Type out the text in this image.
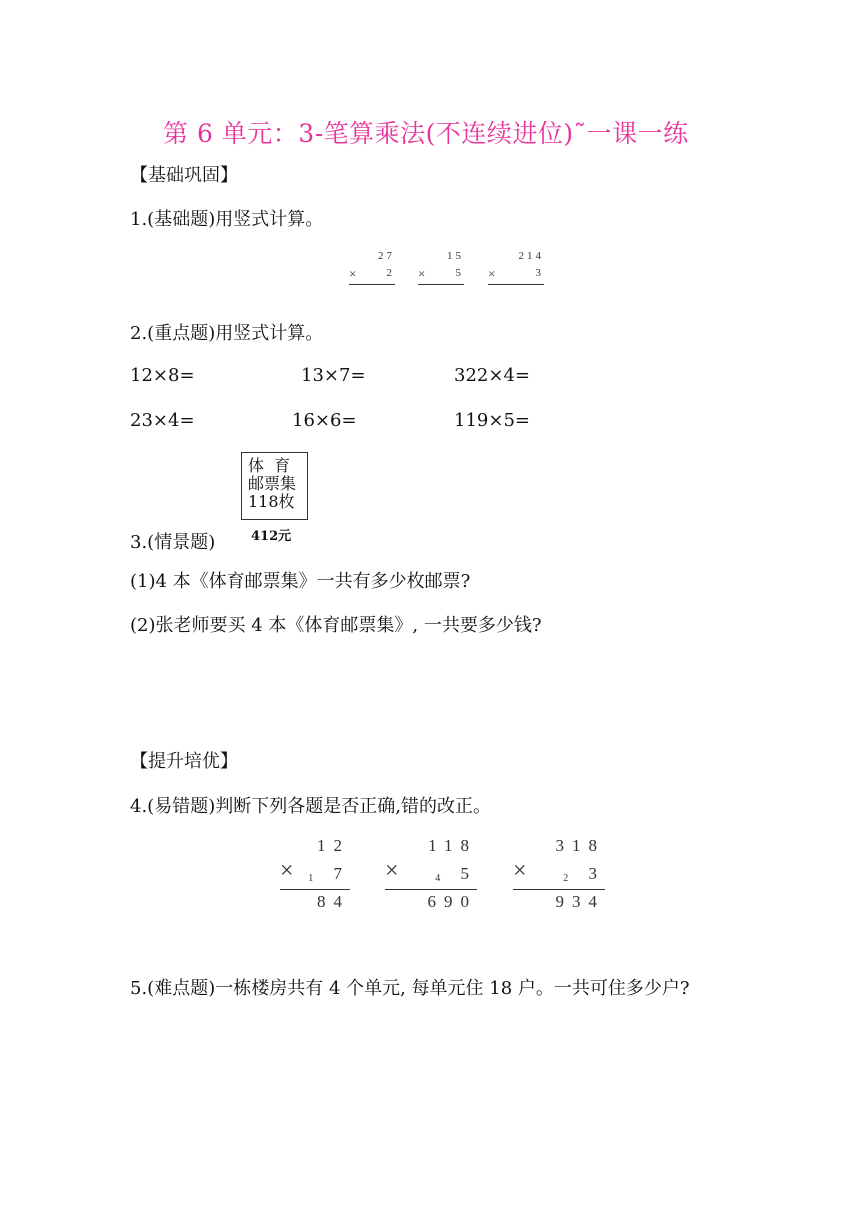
第 6 单元：3-笔算乘法(不连续进位)˜一课一练
【基础巩固】
1.(基础题)用竖式计算。
27
× 2
15
× 5
214
×	3
2.(重点题)用竖式计算。
12×8=	13×7=	322×4=
23×4=	16×6=	119×5=
体  育
邮票集
118枚
412元
3.(情景题)
(1)4 本《体育邮票集》一共有多少枚邮票?
(2)张老师要买 4 本《体育邮票集》, 一共要多少钱?
【提升培优】
4.(易错题)判断下列各题是否正确,错的改正。
12
× 1 7
84
118
×	4 5
690
318
×	2 3
934
5.(难点题)一栋楼房共有 4 个单元, 每单元住 18 户。一共可住多少户?
